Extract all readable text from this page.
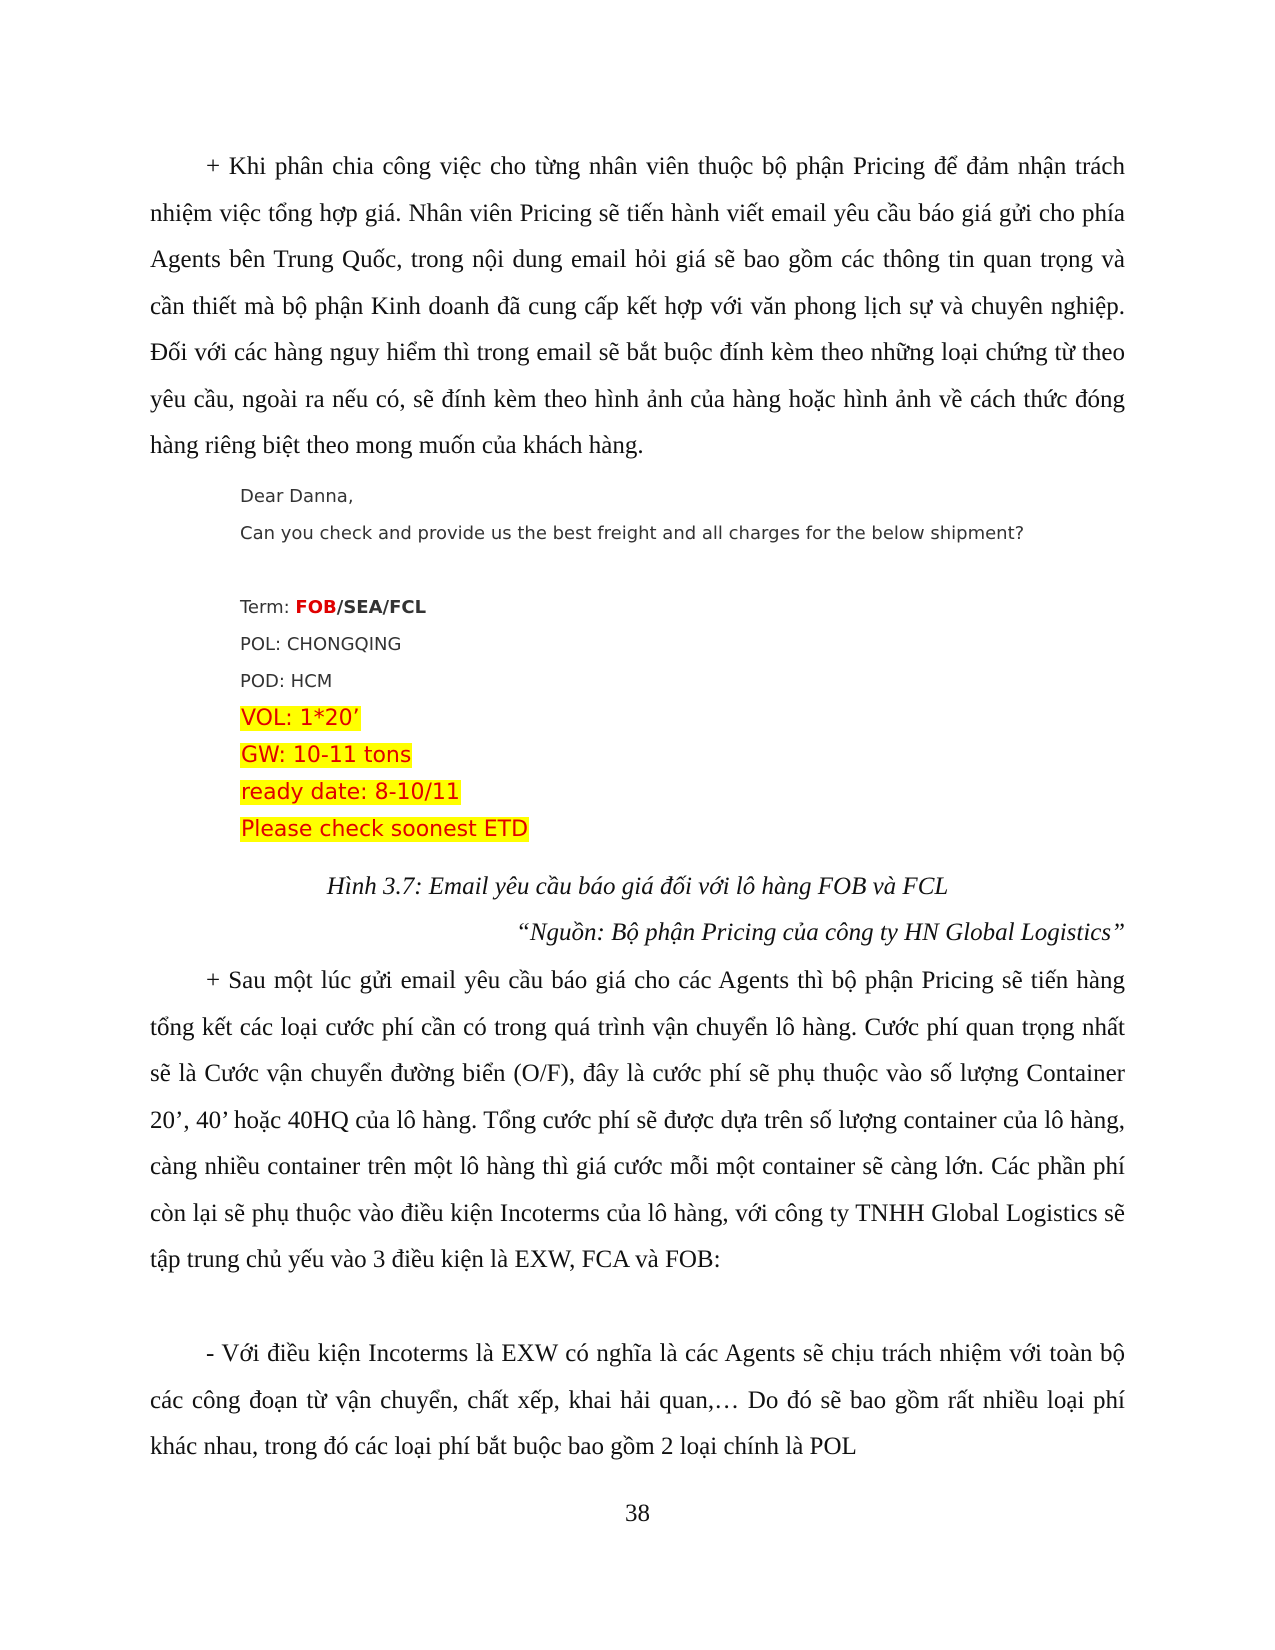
+ Khi phân chia công việc cho từng nhân viên thuộc bộ phận Pricing để đảm nhận trách nhiệm việc tổng hợp giá. Nhân viên Pricing sẽ tiến hành viết email yêu cầu báo giá gửi cho phía Agents bên Trung Quốc, trong nội dung email hỏi giá sẽ bao gồm các thông tin quan trọng và cần thiết mà bộ phận Kinh doanh đã cung cấp kết hợp với văn phong lịch sự và chuyên nghiệp. Đối với các hàng nguy hiểm thì trong email sẽ bắt buộc đính kèm theo những loại chứng từ theo yêu cầu, ngoài ra nếu có, sẽ đính kèm theo hình ảnh của hàng hoặc hình ảnh về cách thức đóng hàng riêng biệt theo mong muốn của khách hàng.

Dear Danna,
Can you check and provide us the best freight and all charges for the below shipment?
Term: FOB/SEA/FCL
POL: CHONGQING
POD: HCM
VOL: 1*20’
GW: 10-11 tons
ready date: 8-10/11
Please check soonest ETD
Hình 3.7: Email yêu cầu báo giá đối với lô hàng FOB và FCL
“Nguồn: Bộ phận Pricing của công ty HN Global Logistics”

+ Sau một lúc gửi email yêu cầu báo giá cho các Agents thì bộ phận Pricing sẽ tiến hàng tổng kết các loại cước phí cần có trong quá trình vận chuyển lô hàng. Cước phí quan trọng nhất sẽ là Cước vận chuyển đường biển (O/F), đây là cước phí sẽ phụ thuộc vào số lượng Container 20’, 40’ hoặc 40HQ của lô hàng. Tổng cước phí sẽ được dựa trên số lượng container của lô hàng, càng nhiều container trên một lô hàng thì giá cước mỗi một container sẽ càng lớn. Các phần phí còn lại sẽ phụ thuộc vào điều kiện Incoterms của lô hàng, với công ty TNHH Global Logistics sẽ tập trung chủ yếu vào 3 điều kiện là EXW, FCA và FOB:

- Với điều kiện Incoterms là EXW có nghĩa là các Agents sẽ chịu trách nhiệm với toàn bộ các công đoạn từ vận chuyển, chất xếp, khai hải quan,… Do đó sẽ bao gồm rất nhiều loại phí khác nhau, trong đó các loại phí bắt buộc bao gồm 2 loại chính là POL

38
